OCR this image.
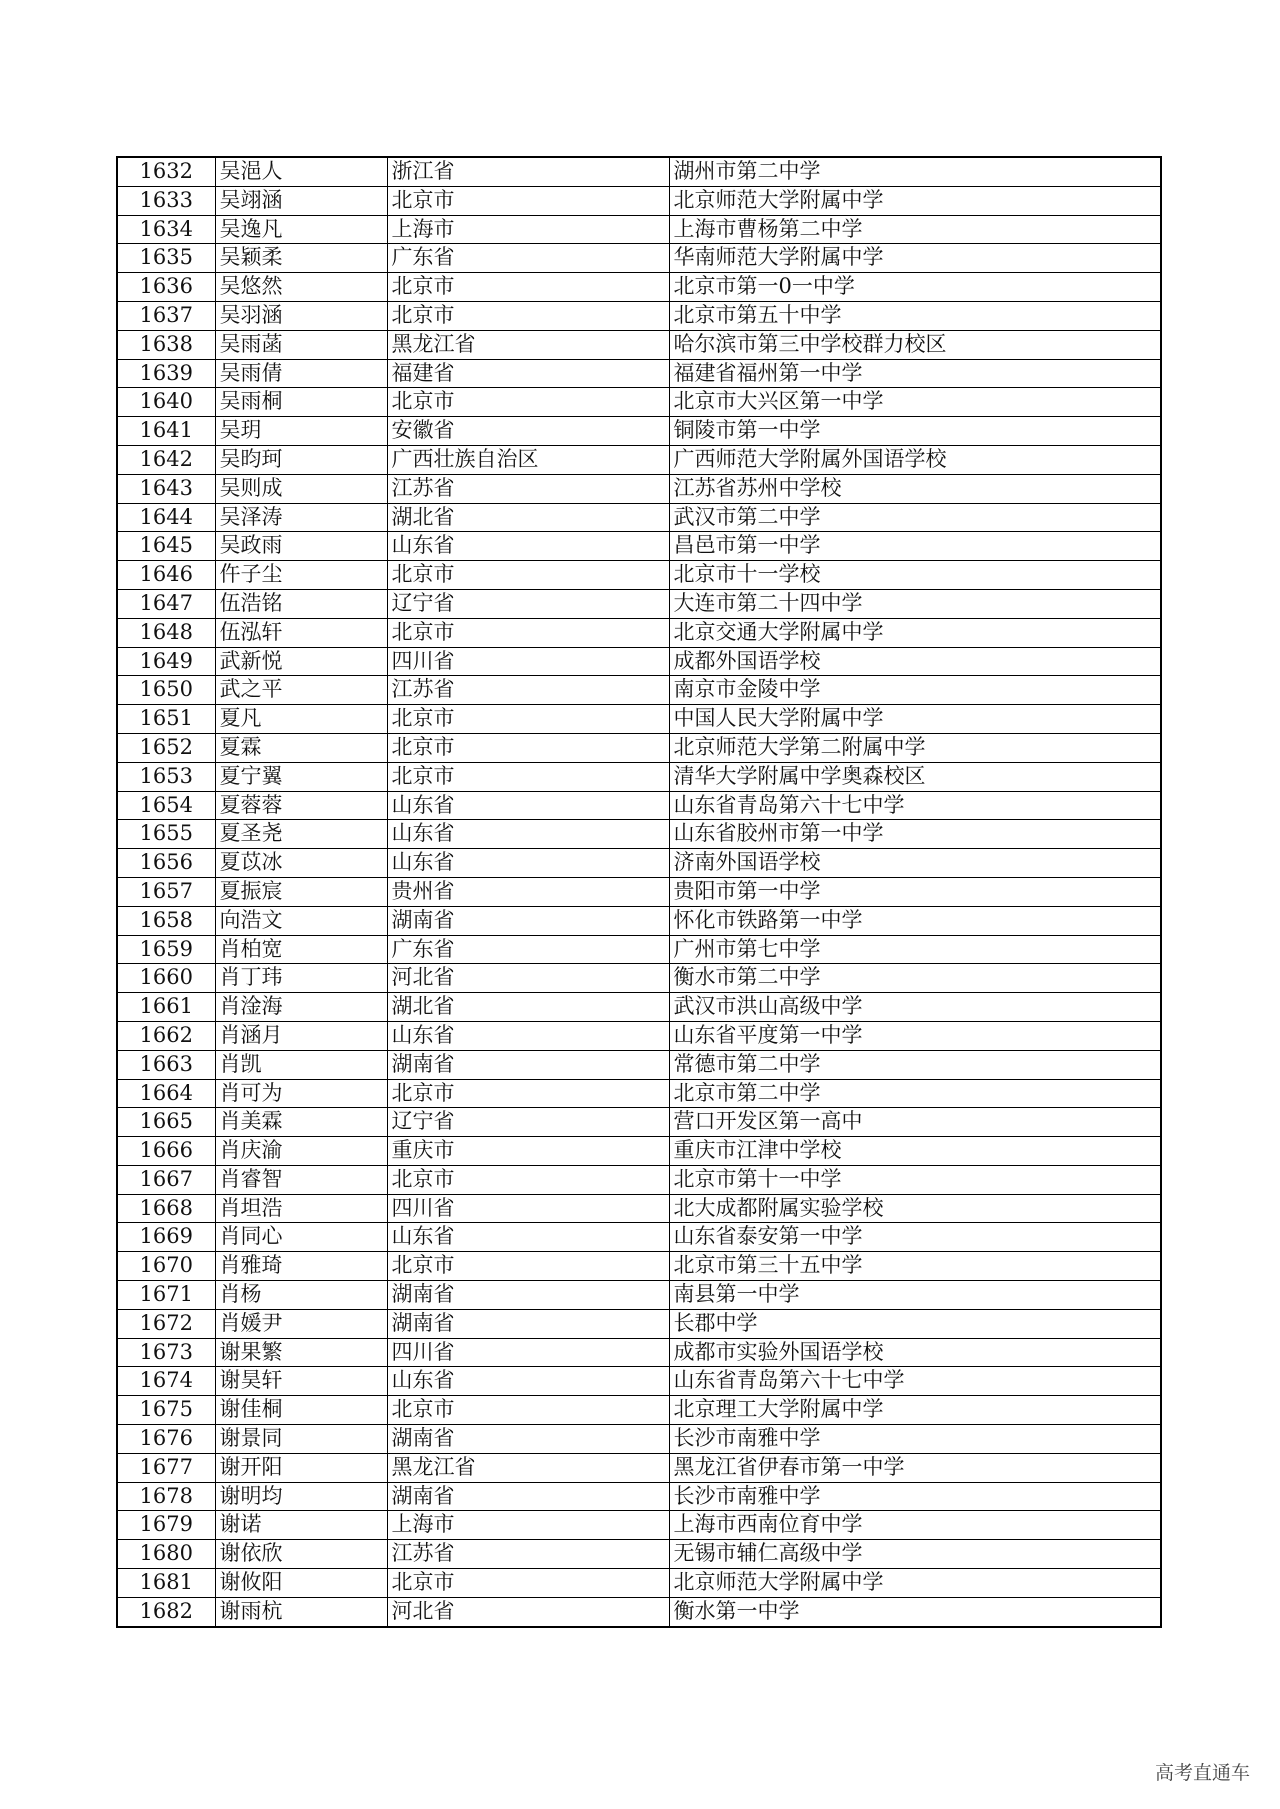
1632	吴浥人	浙江省	湖州市第二中学
1633	吴翊涵	北京市	北京师范大学附属中学
1634	吴逸凡	上海市	上海市曹杨第二中学
1635	吴颖柔	广东省	华南师范大学附属中学
1636	吴悠然	北京市	北京市第一0一中学
1637	吴羽涵	北京市	北京市第五十中学
1638	吴雨菡	黑龙江省	哈尔滨市第三中学校群力校区
1639	吴雨倩	福建省	福建省福州第一中学
1640	吴雨桐	北京市	北京市大兴区第一中学
1641	吴玥	安徽省	铜陵市第一中学
1642	吴昀珂	广西壮族自治区	广西师范大学附属外国语学校
1643	吴则成	江苏省	江苏省苏州中学校
1644	吴泽涛	湖北省	武汉市第二中学
1645	吴政雨	山东省	昌邑市第一中学
1646	仵子尘	北京市	北京市十一学校
1647	伍浩铭	辽宁省	大连市第二十四中学
1648	伍泓轩	北京市	北京交通大学附属中学
1649	武新悦	四川省	成都外国语学校
1650	武之平	江苏省	南京市金陵中学
1651	夏凡	北京市	中国人民大学附属中学
1652	夏霖	北京市	北京师范大学第二附属中学
1653	夏宁翼	北京市	清华大学附属中学奥森校区
1654	夏蓉蓉	山东省	山东省青岛第六十七中学
1655	夏圣尧	山东省	山东省胶州市第一中学
1656	夏苡冰	山东省	济南外国语学校
1657	夏振宸	贵州省	贵阳市第一中学
1658	向浩文	湖南省	怀化市铁路第一中学
1659	肖柏宽	广东省	广州市第七中学
1660	肖丁玮	河北省	衡水市第二中学
1661	肖淦海	湖北省	武汉市洪山高级中学
1662	肖涵月	山东省	山东省平度第一中学
1663	肖凯	湖南省	常德市第二中学
1664	肖可为	北京市	北京市第二中学
1665	肖美霖	辽宁省	营口开发区第一高中
1666	肖庆渝	重庆市	重庆市江津中学校
1667	肖睿智	北京市	北京市第十一中学
1668	肖坦浩	四川省	北大成都附属实验学校
1669	肖同心	山东省	山东省泰安第一中学
1670	肖雅琦	北京市	北京市第三十五中学
1671	肖杨	湖南省	南县第一中学
1672	肖媛尹	湖南省	长郡中学
1673	谢果繁	四川省	成都市实验外国语学校
1674	谢昊轩	山东省	山东省青岛第六十七中学
1675	谢佳桐	北京市	北京理工大学附属中学
1676	谢景同	湖南省	长沙市南雅中学
1677	谢开阳	黑龙江省	黑龙江省伊春市第一中学
1678	谢明均	湖南省	长沙市南雅中学
1679	谢诺	上海市	上海市西南位育中学
1680	谢依欣	江苏省	无锡市辅仁高级中学
1681	谢攸阳	北京市	北京师范大学附属中学
1682	谢雨杭	河北省	衡水第一中学
高考直通车
